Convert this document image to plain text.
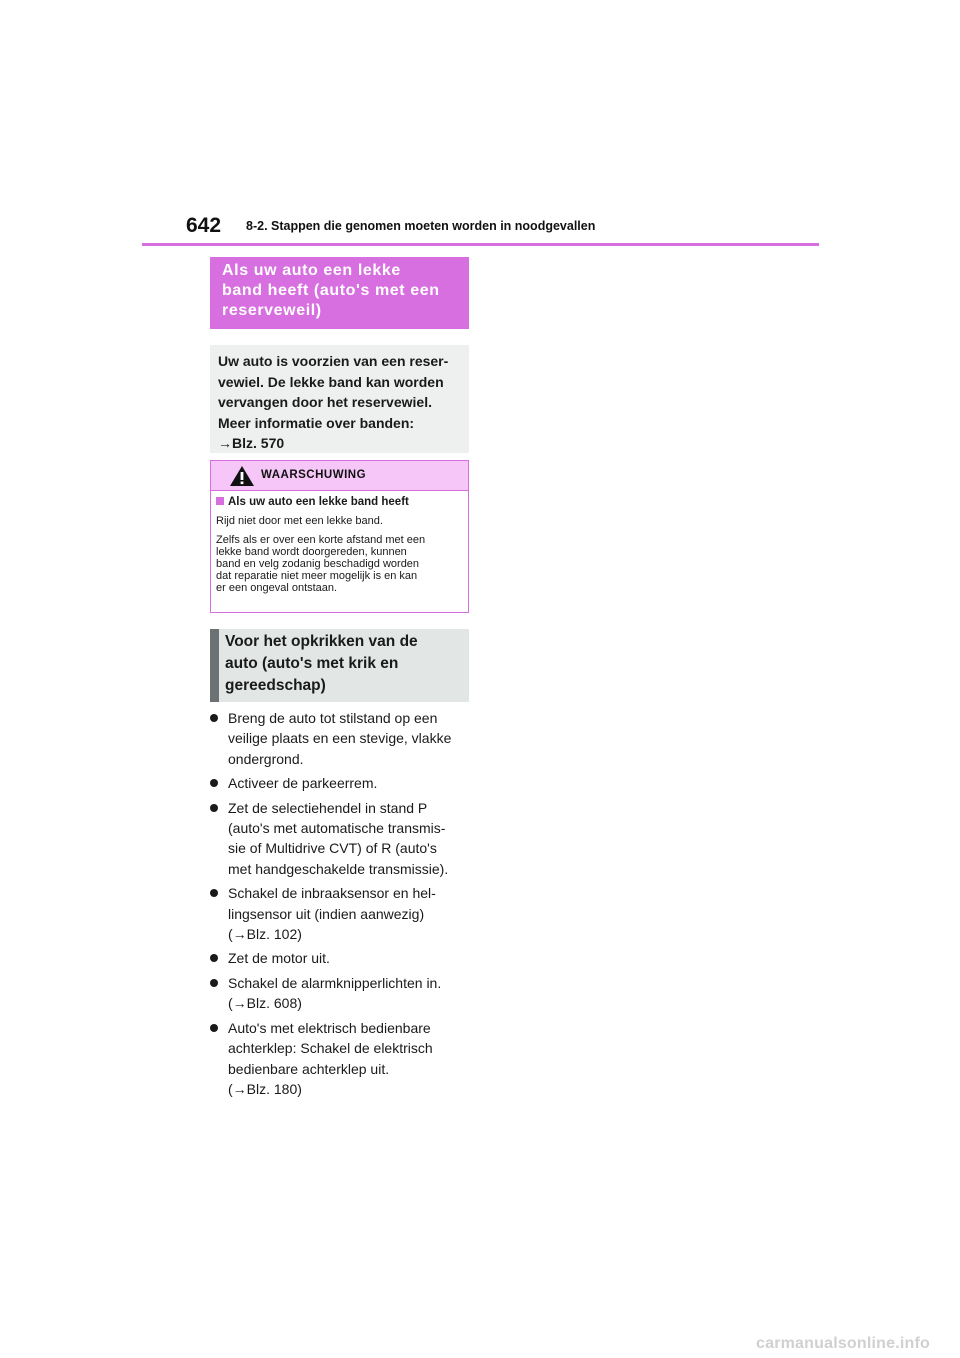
642 8-2. Stappen die genomen moeten worden in noodgevallen
Als uw auto een lekke
band heeft (auto's met een
reserveweil)
Uw auto is voorzien van een reser-
vewiel. De lekke band kan worden
vervangen door het reservewiel.
Meer informatie over banden:
→Blz. 570
WAARSCHUWING
Als uw auto een lekke band heeft
Rijd niet door met een lekke band.
Zelfs als er over een korte afstand met een
lekke band wordt doorgereden, kunnen
band en velg zodanig beschadigd worden
dat reparatie niet meer mogelijk is en kan
er een ongeval ontstaan.
Voor het opkrikken van de
auto (auto's met krik en
gereedschap)
Breng de auto tot stilstand op een
veilige plaats en een stevige, vlakke
ondergrond.
Activeer de parkeerrem.
Zet de selectiehendel in stand P
(auto's met automatische transmis-
sie of Multidrive CVT) of R (auto's
met handgeschakelde transmissie).
Schakel de inbraaksensor en hel-
lingsensor uit (indien aanwezig)
(→Blz. 102)
Zet de motor uit.
Schakel de alarmknipperlichten in.
(→Blz. 608)
Auto's met elektrisch bedienbare
achterklep: Schakel de elektrisch
bedienbare achterklep uit.
(→Blz. 180)
carmanualsonline.info
